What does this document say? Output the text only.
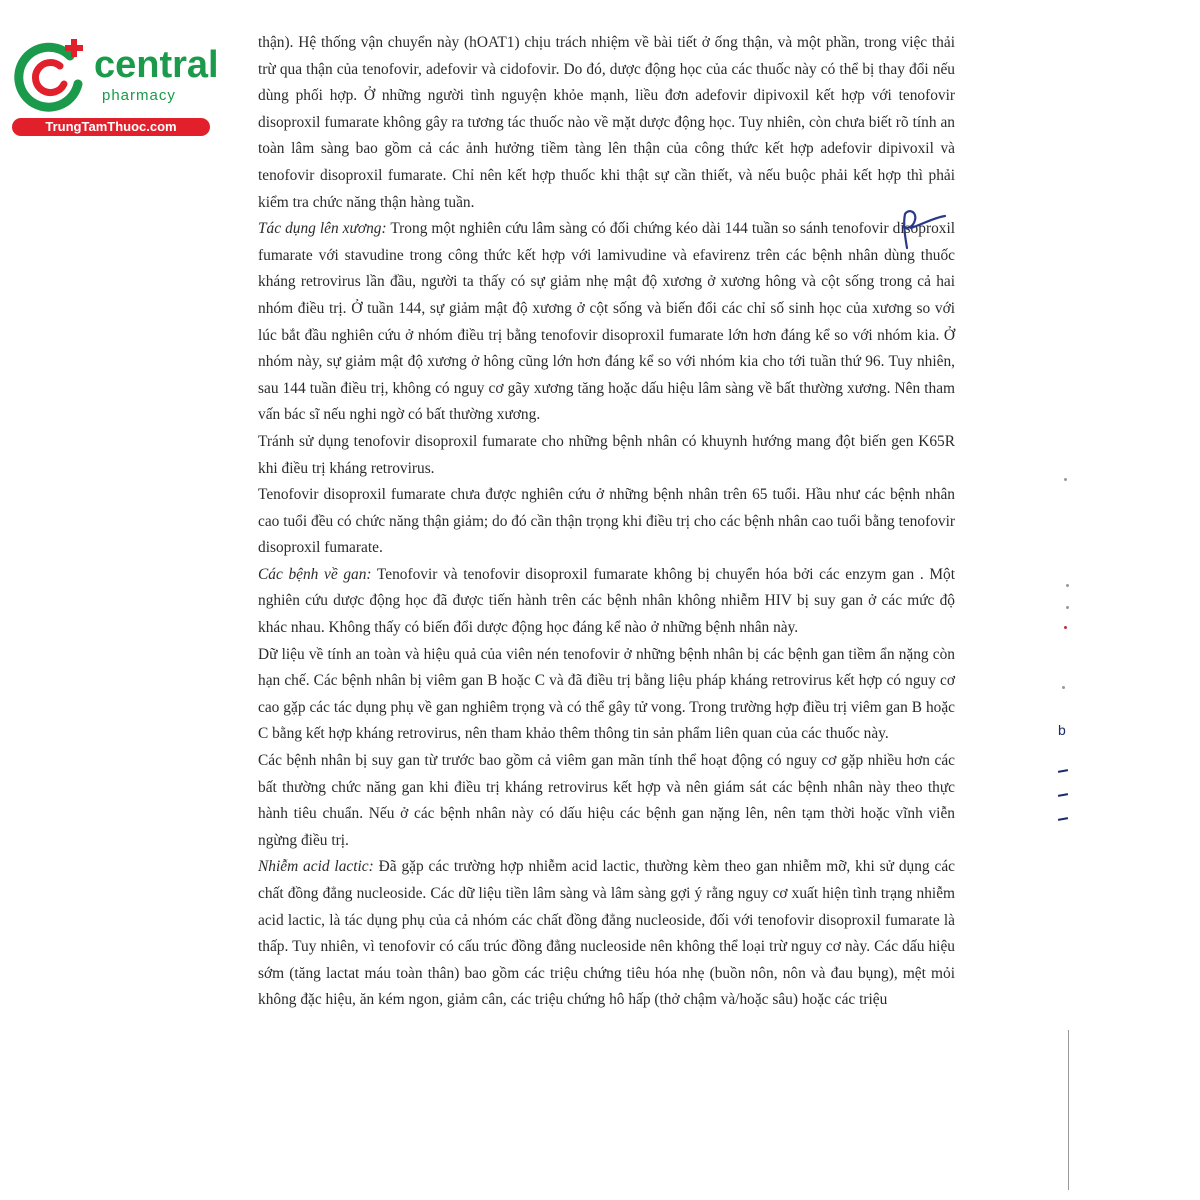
central
pharmacy
TrungTamThuoc.com

thận). Hệ thống vận chuyển này (hOAT1) chịu trách nhiệm về bài tiết ở ống thận, và một phần, trong việc thải trừ qua thận của tenofovir, adefovir và cidofovir. Do đó, dược động học của các thuốc này có thể bị thay đổi nếu dùng phối hợp. Ở những người tình nguyện khỏe mạnh, liều đơn adefovir dipivoxil kết hợp với tenofovir disoproxil fumarate không gây ra tương tác thuốc nào về mặt dược động học. Tuy nhiên, còn chưa biết rõ tính an toàn lâm sàng bao gồm cả các ảnh hưởng tiềm tàng lên thận của công thức kết hợp adefovir dipivoxil và tenofovir disoproxil fumarate. Chỉ nên kết hợp thuốc khi thật sự cần thiết, và nếu buộc phải kết hợp thì phải kiểm tra chức năng thận hàng tuần.

Tác dụng lên xương: Trong một nghiên cứu lâm sàng có đối chứng kéo dài 144 tuần so sánh tenofovir disoproxil fumarate với stavudine trong công thức kết hợp với lamivudine và efavirenz trên các bệnh nhân dùng thuốc kháng retrovirus lần đầu, người ta thấy có sự giảm nhẹ mật độ xương ở xương hông và cột sống trong cả hai nhóm điều trị. Ở tuần 144, sự giảm mật độ xương ở cột sống và biến đổi các chỉ số sinh học của xương so với lúc bắt đầu nghiên cứu ở nhóm điều trị bằng tenofovir disoproxil fumarate lớn hơn đáng kể so với nhóm kia. Ở nhóm này, sự giảm mật độ xương ở hông cũng lớn hơn đáng kể so với nhóm kia cho tới tuần thứ 96. Tuy nhiên, sau 144 tuần điều trị, không có nguy cơ gãy xương tăng hoặc dấu hiệu lâm sàng về bất thường xương. Nên tham vấn bác sĩ nếu nghi ngờ có bất thường xương.

Tránh sử dụng tenofovir disoproxil fumarate cho những bệnh nhân có khuynh hướng mang đột biến gen K65R khi điều trị kháng retrovirus.

Tenofovir disoproxil fumarate chưa được nghiên cứu ở những bệnh nhân trên 65 tuổi. Hầu như các bệnh nhân cao tuổi đều có chức năng thận giảm; do đó cần thận trọng khi điều trị cho các bệnh nhân cao tuổi bằng tenofovir disoproxil fumarate.

Các bệnh về gan: Tenofovir và tenofovir disoproxil fumarate không bị chuyển hóa bởi các enzym gan . Một nghiên cứu dược động học đã được tiến hành trên các bệnh nhân không nhiễm HIV bị suy gan ở các mức độ khác nhau. Không thấy có biến đổi dược động học đáng kể nào ở những bệnh nhân này.

Dữ liệu về tính an toàn và hiệu quả của viên nén tenofovir ở những bệnh nhân bị các bệnh gan tiềm ẩn nặng còn hạn chế. Các bệnh nhân bị viêm gan B hoặc C và đã điều trị bằng liệu pháp kháng retrovirus kết hợp có nguy cơ cao gặp các tác dụng phụ về gan nghiêm trọng và có thể gây tử vong. Trong trường hợp điều trị viêm gan B hoặc C bằng kết hợp kháng retrovirus, nên tham khảo thêm thông tin sản phẩm liên quan của các thuốc này.

Các bệnh nhân bị suy gan từ trước bao gồm cả viêm gan mãn tính thể hoạt động có nguy cơ gặp nhiều hơn các bất thường chức năng gan khi điều trị kháng retrovirus kết hợp và nên giám sát các bệnh nhân này theo thực hành tiêu chuẩn. Nếu ở các bệnh nhân này có dấu hiệu các bệnh gan nặng lên, nên tạm thời hoặc vĩnh viễn ngừng điều trị.

Nhiễm acid lactic: Đã gặp các trường hợp nhiễm acid lactic, thường kèm theo gan nhiễm mỡ, khi sử dụng các chất đồng đẳng nucleoside. Các dữ liệu tiền lâm sàng và lâm sàng gợi ý rằng nguy cơ xuất hiện tình trạng nhiễm acid lactic, là tác dụng phụ của cả nhóm các chất đồng đẳng nucleoside, đối với tenofovir disoproxil fumarate là thấp. Tuy nhiên, vì tenofovir có cấu trúc đồng đẳng nucleoside nên không thể loại trừ nguy cơ này. Các dấu hiệu sớm (tăng lactat máu toàn thân) bao gồm các triệu chứng tiêu hóa nhẹ (buồn nôn, nôn và đau bụng), mệt mỏi không đặc hiệu, ăn kém ngon, giảm cân, các triệu chứng hô hấp (thở chậm và/hoặc sâu) hoặc các triệu

b
